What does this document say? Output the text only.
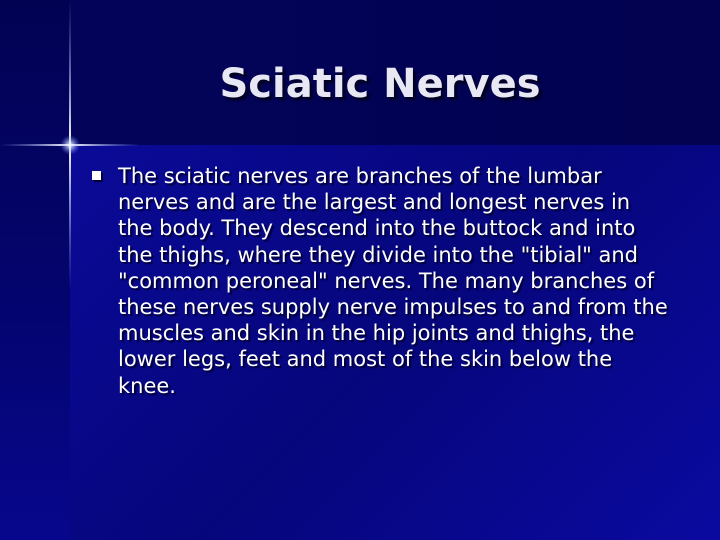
Sciatic Nerves
The sciatic nerves are branches of the lumbar nerves and are the largest and longest nerves in the body. They descend into the buttock and into the thighs, where they divide into the "tibial" and "common peroneal" nerves. The many branches of these nerves supply nerve impulses to and from the muscles and skin in the hip joints and thighs, the lower legs, feet and most of the skin below the knee.
